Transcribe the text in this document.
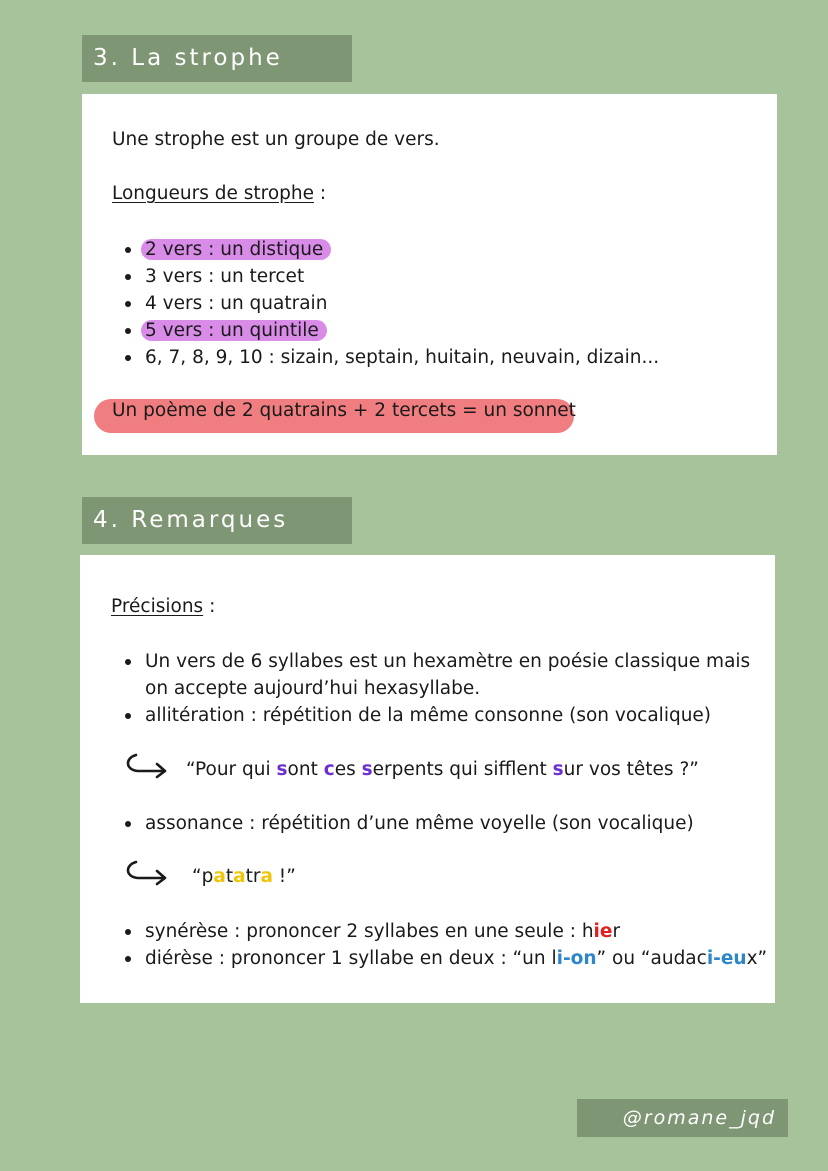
3. La strophe
Une strophe est un groupe de vers.
Longueurs de strophe :
2 vers : un distique
3 vers : un tercet
4 vers : un quatrain
5 vers : un quintile
6, 7, 8, 9, 10 : sizain, septain, huitain, neuvain, dizain...
Un poème de 2 quatrains + 2 tercets = un sonnet
4. Remarques
Précisions :
Un vers de 6 syllabes est un hexamètre en poésie classique mais
on accepte aujourd’hui hexasyllabe.
allitération : répétition de la même consonne (son vocalique)
“Pour qui sont ces serpents qui sifflent sur vos têtes ?”
assonance : répétition d’une même voyelle (son vocalique)
“patatra !”
synérèse : prononcer 2 syllabes en une seule : hier
diérèse : prononcer 1 syllabe en deux : “un li-on” ou “audaci-eux”
@romane_jqd
